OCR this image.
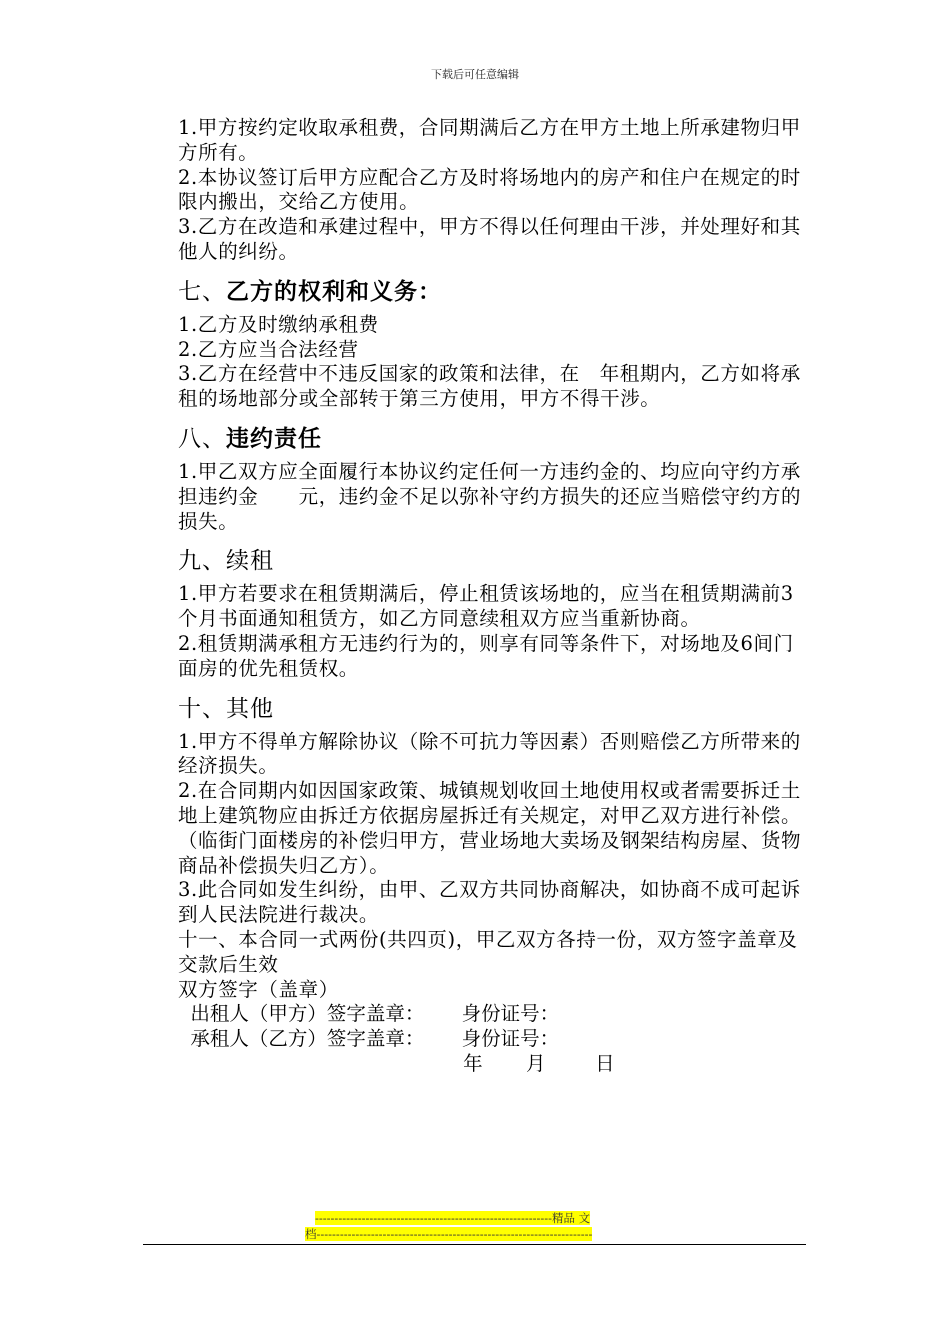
下载后可任意编辑

1.甲方按约定收取承租费，合同期满后乙方在甲方土地上所承建物归甲方所有。

2.本协议签订后甲方应配合乙方及时将场地内的房产和住户在规定的时限内搬出，交给乙方使用。

3.乙方在改造和承建过程中，甲方不得以任何理由干涉，并处理好和其他人的纠纷。

七、乙方的权利和义务：

1.乙方及时缴纳承租费

2.乙方应当合法经营

3.乙方在经营中不违反国家的政策和法律，在　年租期内，乙方如将承租的场地部分或全部转于第三方使用，甲方不得干涉。

八、违约责任

1.甲乙双方应全面履行本协议约定任何一方违约金的、均应向守约方承担违约金　　元，违约金不足以弥补守约方损失的还应当赔偿守约方的损失。

九、续租

1.甲方若要求在租赁期满后，停止租赁该场地的，应当在租赁期满前3个月书面通知租赁方，如乙方同意续租双方应当重新协商。

2.租赁期满承租方无违约行为的，则享有同等条件下，对场地及6间门面房的优先租赁权。

十、其他

1.甲方不得单方解除协议（除不可抗力等因素）否则赔偿乙方所带来的经济损失。

2.在合同期内如因国家政策、城镇规划收回土地使用权或者需要拆迁土地上建筑物应由拆迁方依据房屋拆迁有关规定，对甲乙双方进行补偿。（临街门面楼房的补偿归甲方，营业场地大卖场及钢架结构房屋、货物商品补偿损失归乙方）。

3.此合同如发生纠纷，由甲、乙双方共同协商解决，如协商不成可起诉到人民法院进行裁决。

十一、本合同一式两份(共四页)，甲乙双方各持一份，双方签字盖章及交款后生效

双方签字（盖章）

出租人（甲方）签字盖章：      身份证号：

承租人（乙方）签字盖章：      身份证号：

年       月        日

-------------------------------------------------------------精品 文
档-----------------------------------------------------------------------
